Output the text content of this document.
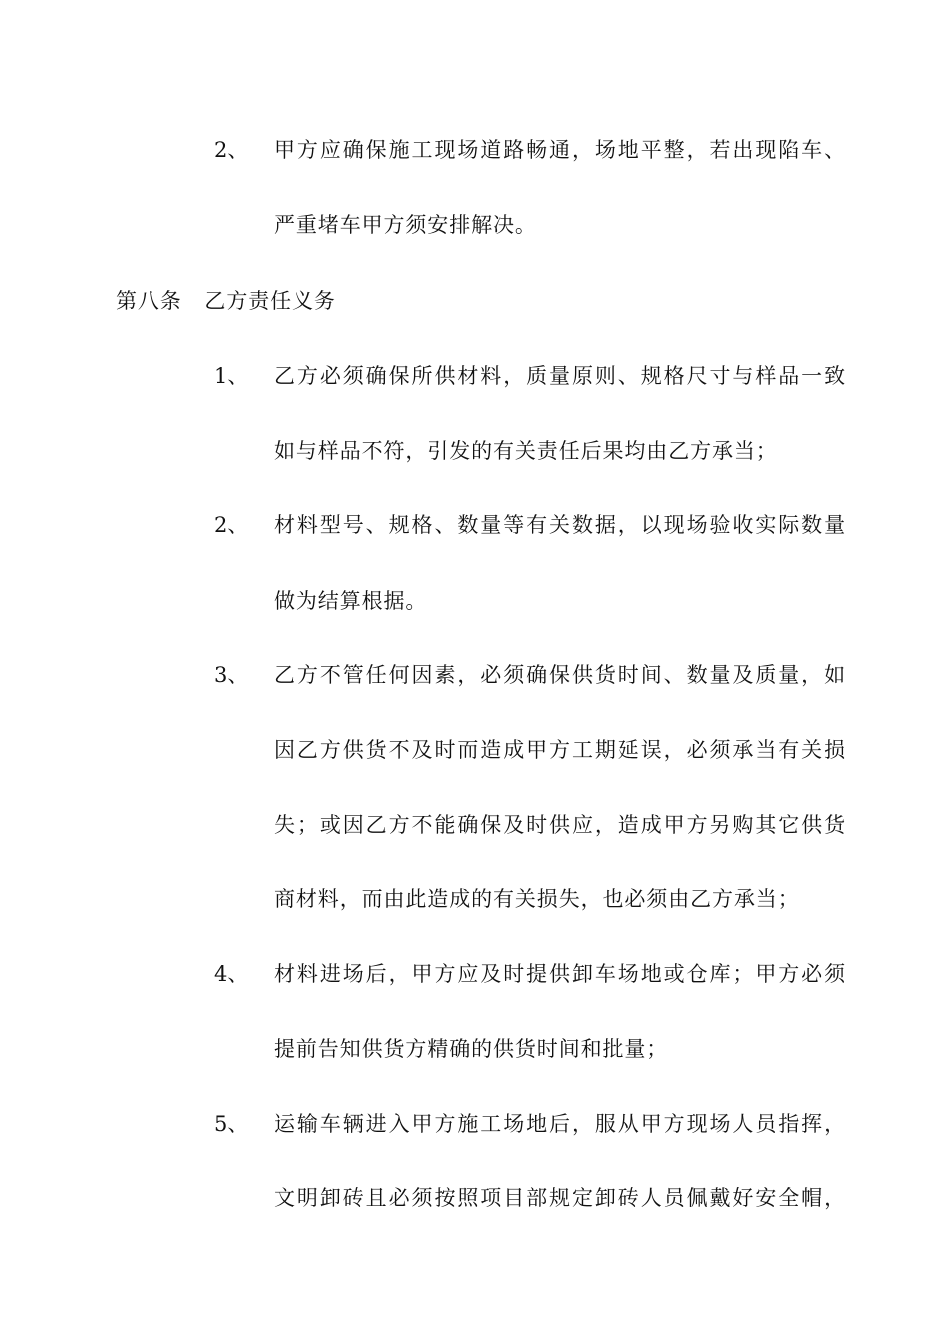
2、 甲方应确保施工现场道路畅通，场地平整，若出现陷车、
严重堵车甲方须安排解决。
第八条   乙方责任义务
1、 乙方必须确保所供材料，质量原则、规格尺寸与样品一致
如与样品不符，引发的有关责任后果均由乙方承当；
2、 材料型号、规格、数量等有关数据，以现场验收实际数量
做为结算根据。
3、 乙方不管任何因素，必须确保供货时间、数量及质量，如
因乙方供货不及时而造成甲方工期延误，必须承当有关损
失；或因乙方不能确保及时供应，造成甲方另购其它供货
商材料，而由此造成的有关损失，也必须由乙方承当；
4、 材料进场后，甲方应及时提供卸车场地或仓库；甲方必须
提前告知供货方精确的供货时间和批量；
5、 运输车辆进入甲方施工场地后，服从甲方现场人员指挥，
文明卸砖且必须按照项目部规定卸砖人员佩戴好安全帽，
